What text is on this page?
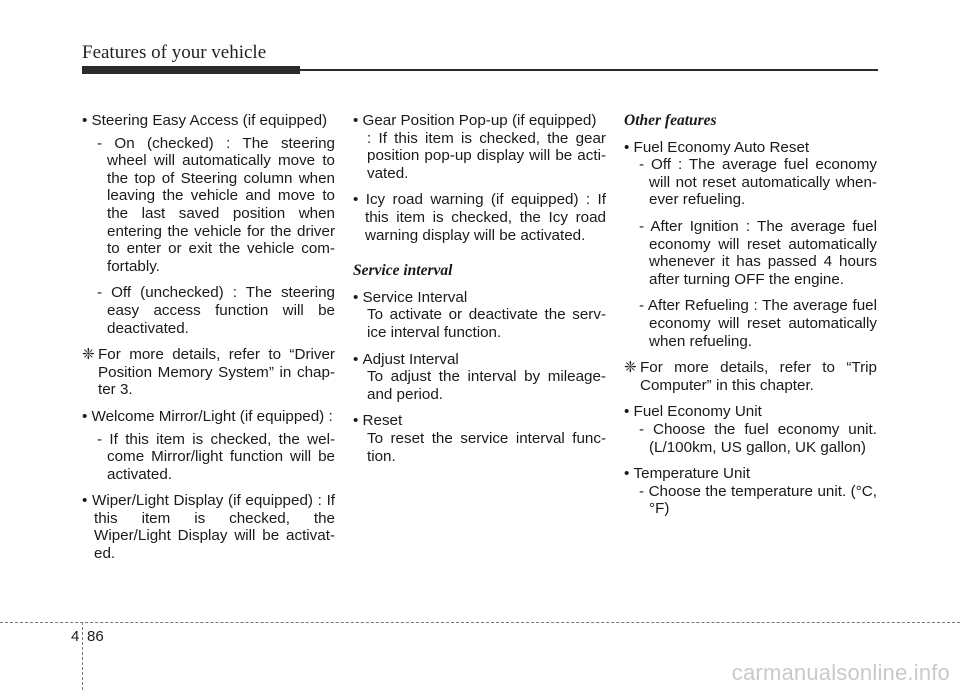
Features of your vehicle
• Steering Easy Access (if equipped)
- On (checked) : The steering wheel will automatically move to the top of Steering column when leaving the vehicle and move to the last saved position when entering the vehicle for the driver to enter or exit the vehicle com-fortably.
- Off (unchecked) : The steering easy access function will be deactivated.
❈ For more details, refer to “Driver Position Memory System” in chap-ter 3.
• Welcome Mirror/Light (if equipped) :
- If this item is checked, the wel-come Mirror/light function will be activated.
• Wiper/Light Display (if equipped) : If this item is checked, the Wiper/Light Display will be activat-ed.
• Gear Position Pop-up (if equipped)
: If this item is checked, the gear position pop-up display will be acti-vated.
• Icy road warning (if equipped) : If this item is checked, the Icy road warning display will be activated.
Service interval
• Service Interval
To activate or deactivate the serv-ice interval function.
• Adjust Interval
To adjust the interval by mileage-and period.
• Reset
To reset the service interval func-tion.
Other features
• Fuel Economy Auto Reset
- Off : The average fuel economy will not reset automatically when-ever refueling.
- After Ignition : The average fuel economy will reset automatically whenever it has passed 4 hours after turning OFF the engine.
- After Refueling : The average fuel economy will reset automatically when refueling.
❈ For more details, refer to “Trip Computer” in this chapter.
• Fuel Economy Unit
- Choose the fuel economy unit. (L/100km, US gallon, UK gallon)
• Temperature Unit
- Choose the temperature unit. (°C,°F)
4 86
carmanualsonline.info
